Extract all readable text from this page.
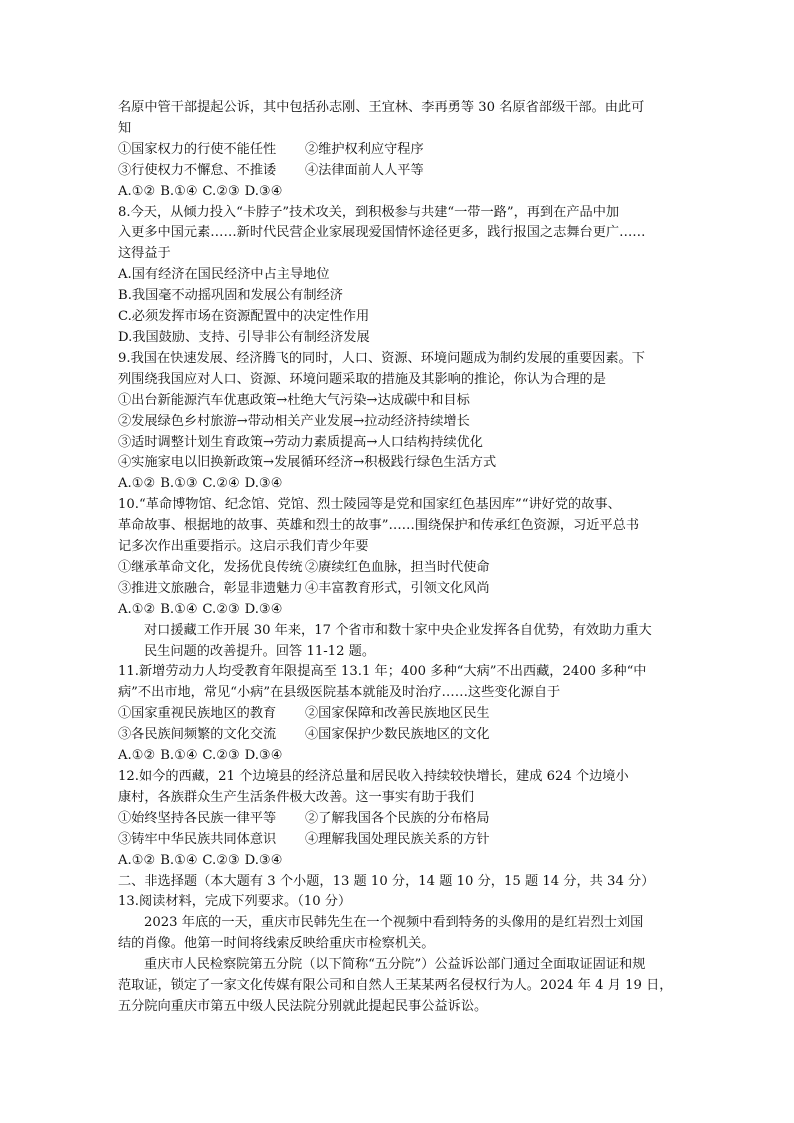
名原中管干部提起公诉，其中包括孙志刚、王宜林、李再勇等 30 名原省部级干部。由此可

知

①国家权力的行使不能任性	②维护权利应守程序
③行使权力不懈怠、不推诿	④法律面前人人平等
A.①② B.①④ C.②③ D.③④

8.今天，从倾力投入“卡脖子”技术攻关，到积极参与共建“一带一路”，再到在产品中加

入更多中国元素……新时代民营企业家展现爱国情怀途径更多，践行报国之志舞台更广……

这得益于

A.国有经济在国民经济中占主导地位

B.我国毫不动摇巩固和发展公有制经济

C.必须发挥市场在资源配置中的决定性作用

D.我国鼓励、支持、引导非公有制经济发展

9.我国在快速发展、经济腾飞的同时，人口、资源、环境问题成为制约发展的重要因素。下

列围绕我国应对人口、资源、环境问题采取的措施及其影响的推论，你认为合理的是

①出台新能源汽车优惠政策→杜绝大气污染→达成碳中和目标

②发展绿色乡村旅游→带动相关产业发展→拉动经济持续增长

③适时调整计划生育政策→劳动力素质提高→人口结构持续优化

④实施家电以旧换新政策→发展循环经济→积极践行绿色生活方式

A.①② B.①③ C.②④ D.③④

10.“革命博物馆、纪念馆、党馆、烈士陵园等是党和国家红色基因库”“讲好党的故事、

革命故事、根据地的故事、英雄和烈士的故事”……围绕保护和传承红色资源，习近平总书

记多次作出重要指示。这启示我们青少年要

①继承革命文化，发扬优良传统 ②赓续红色血脉，担当时代使命
③推进文旅融合，彰显非遗魅力 ④丰富教育形式，引领文化风尚
A.①② B.①④ C.②③ D.③④

对口援藏工作开展 30 年来，17 个省市和数十家中央企业发挥各自优势，有效助力重大

民生问题的改善提升。回答 11-12 题。

11.新增劳动力人均受教育年限提高至 13.1 年；400 多种“大病”不出西藏，2400 多种“中

病”不出市地，常见“小病”在县级医院基本就能及时治疗……这些变化源自于

①国家重视民族地区的教育	②国家保障和改善民族地区民生
③各民族间频繁的文化交流	④国家保护少数民族地区的文化
A.①② B.①④ C.②③ D.③④

12.如今的西藏，21 个边境县的经济总量和居民收入持续较快增长，建成 624 个边境小

康村，各族群众生产生活条件极大改善。这一事实有助于我们

①始终坚持各民族一律平等	②了解我国各个民族的分布格局
③铸牢中华民族共同体意识	④理解我国处理民族关系的方针
A.①② B.①④ C.②③ D.③④

二、非选择题（本大题有 3 个小题，13 题 10 分，14 题 10 分，15 题 14 分，共 34 分）

13.阅读材料，完成下列要求。（10 分）

2023 年底的一天，重庆市民韩先生在一个视频中看到特务的头像用的是红岩烈士刘国

结的肖像。他第一时间将线索反映给重庆市检察机关。

重庆市人民检察院第五分院（以下简称“五分院”）公益诉讼部门通过全面取证固证和规

范取证，锁定了一家文化传媒有限公司和自然人王某某两名侵权行为人。2024 年 4 月 19 日，

五分院向重庆市第五中级人民法院分别就此提起民事公益诉讼。
